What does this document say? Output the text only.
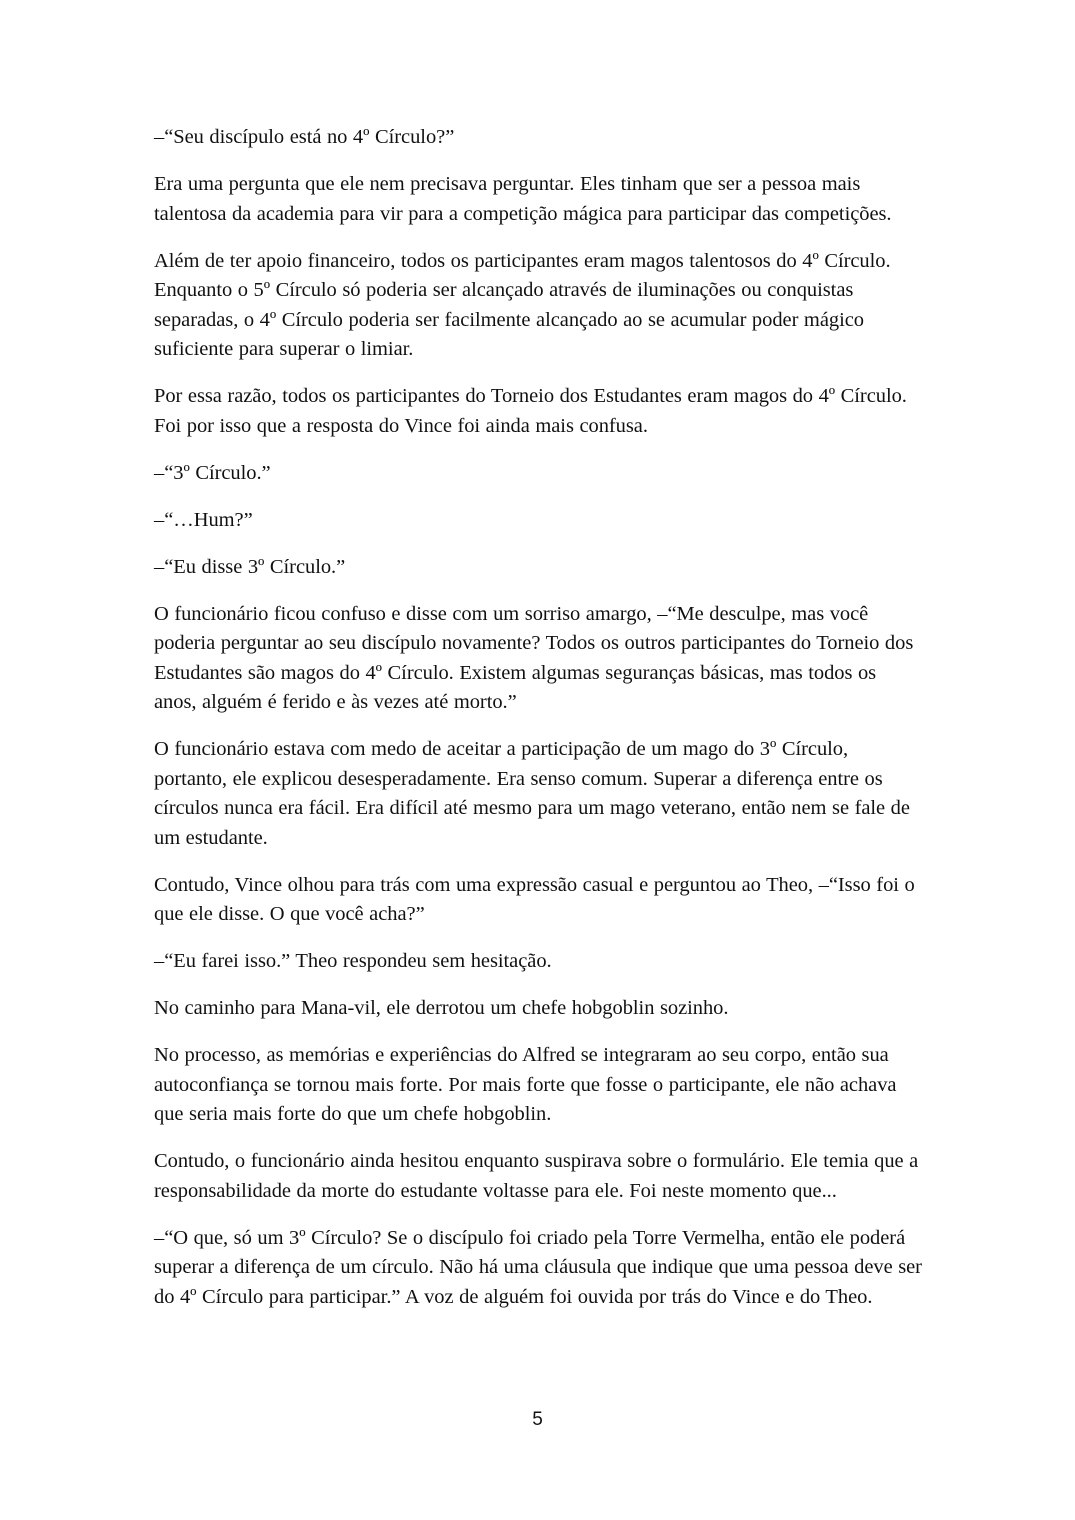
–“Seu discípulo está no 4º Círculo?”

Era uma pergunta que ele nem precisava perguntar. Eles tinham que ser a pessoa mais talentosa da academia para vir para a competição mágica para participar das competições.

Além de ter apoio financeiro, todos os participantes eram magos talentosos do 4º Círculo. Enquanto o 5º Círculo só poderia ser alcançado através de iluminações ou conquistas separadas, o 4º Círculo poderia ser facilmente alcançado ao se acumular poder mágico suficiente para superar o limiar.

Por essa razão, todos os participantes do Torneio dos Estudantes eram magos do 4º Círculo. Foi por isso que a resposta do Vince foi ainda mais confusa.

–“3º Círculo.”

–“…Hum?”

–“Eu disse 3º Círculo.”

O funcionário ficou confuso e disse com um sorriso amargo, –“Me desculpe, mas você poderia perguntar ao seu discípulo novamente? Todos os outros participantes do Torneio dos Estudantes são magos do 4º Círculo. Existem algumas seguranças básicas, mas todos os anos, alguém é ferido e às vezes até morto.”

O funcionário estava com medo de aceitar a participação de um mago do 3º Círculo, portanto, ele explicou desesperadamente. Era senso comum. Superar a diferença entre os círculos nunca era fácil. Era difícil até mesmo para um mago veterano, então nem se fale de um estudante.

Contudo, Vince olhou para trás com uma expressão casual e perguntou ao Theo, –“Isso foi o que ele disse. O que você acha?”

–“Eu farei isso.” Theo respondeu sem hesitação.

No caminho para Mana-vil, ele derrotou um chefe hobgoblin sozinho.

No processo, as memórias e experiências do Alfred se integraram ao seu corpo, então sua autoconfiança se tornou mais forte. Por mais forte que fosse o participante, ele não achava que seria mais forte do que um chefe hobgoblin.

Contudo, o funcionário ainda hesitou enquanto suspirava sobre o formulário. Ele temia que a responsabilidade da morte do estudante voltasse para ele. Foi neste momento que...

–“O que, só um 3º Círculo? Se o discípulo foi criado pela Torre Vermelha, então ele poderá superar a diferença de um círculo. Não há uma cláusula que indique que uma pessoa deve ser do 4º Círculo para participar.” A voz de alguém foi ouvida por trás do Vince e do Theo.

5
